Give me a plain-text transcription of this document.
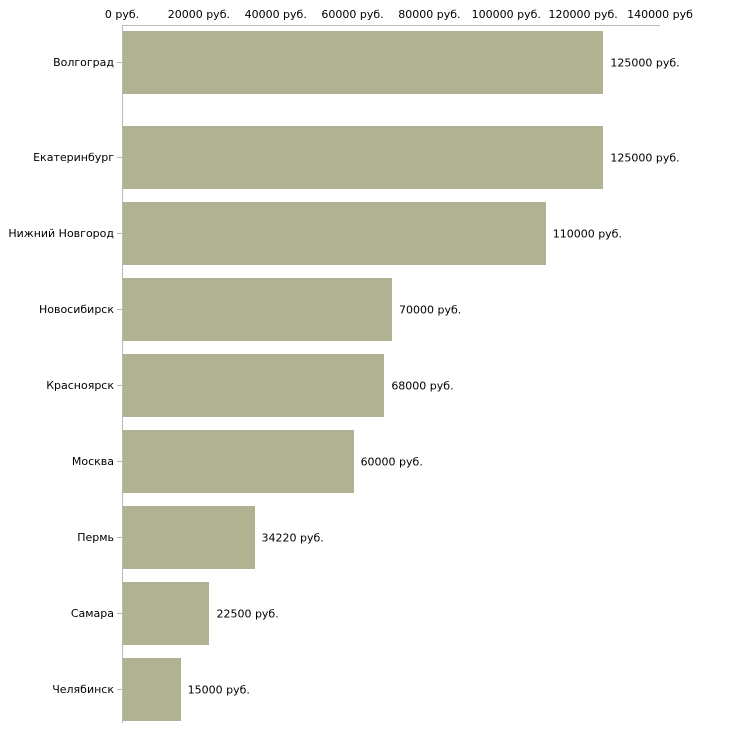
0 руб.	20000 руб. 40000 руб. 60000 руб. 80000 руб. 100000 руб. 120000 руб. 140000 руб
125000 руб.
125000 руб.
110000 руб.
70000 руб.
68000 руб.
60000 руб.
34220 руб.
22500 руб.
15000 руб.
Волгоград
Екатеринбург
Нижний Новгород
Новосибирск
Красноярск
Москва
Пермь
Самара
Челябинск
